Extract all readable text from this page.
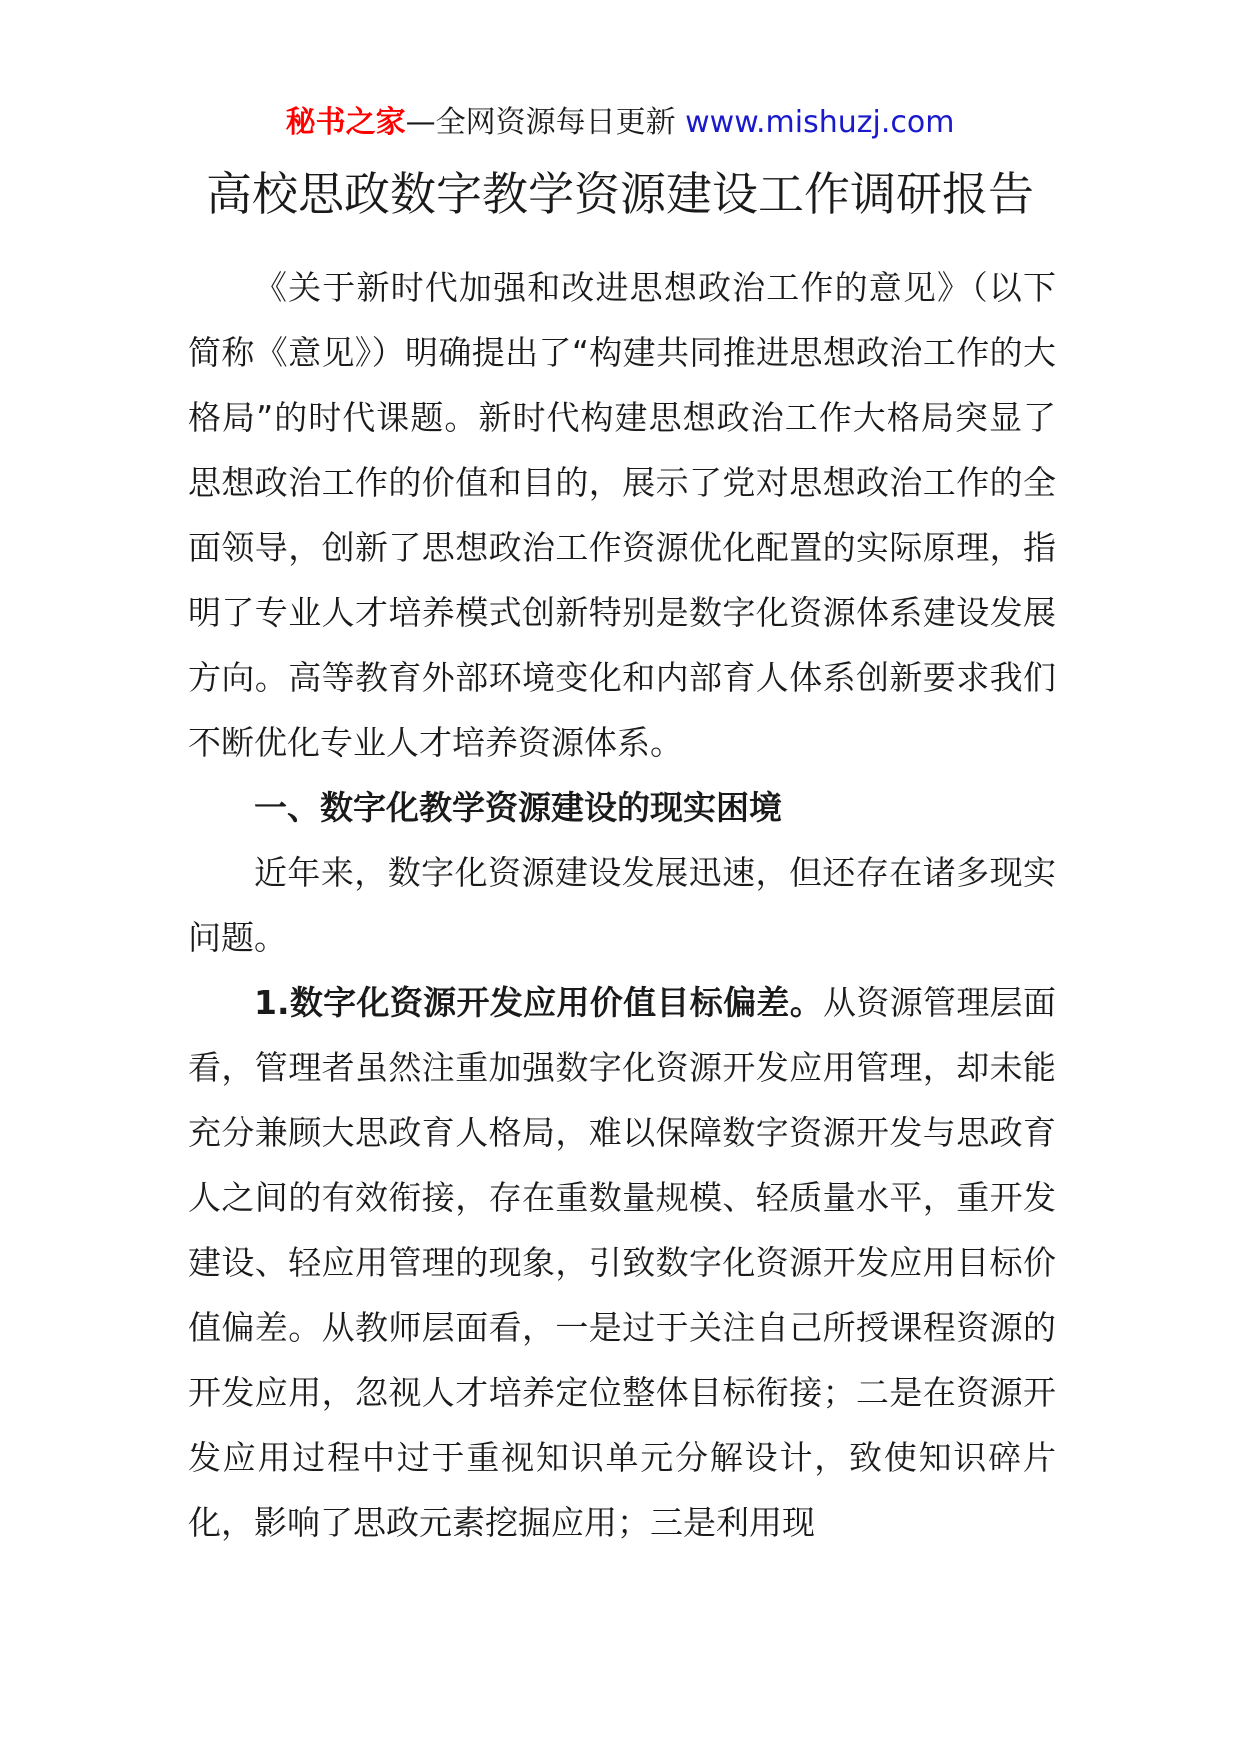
秘书之家—全网资源每日更新 www.mishuzj.com
高校思政数字教学资源建设工作调研报告

《关于新时代加强和改进思想政治工作的意见》（以下简称《意见》）明确提出了“构建共同推进思想政治工作的大格局”的时代课题。新时代构建思想政治工作大格局突显了思想政治工作的价值和目的，展示了党对思想政治工作的全面领导，创新了思想政治工作资源优化配置的实际原理，指明了专业人才培养模式创新特别是数字化资源体系建设发展方向。高等教育外部环境变化和内部育人体系创新要求我们不断优化专业人才培养资源体系。

一、数字化教学资源建设的现实困境

近年来，数字化资源建设发展迅速，但还存在诸多现实问题。

1.数字化资源开发应用价值目标偏差。从资源管理层面看，管理者虽然注重加强数字化资源开发应用管理，却未能充分兼顾大思政育人格局，难以保障数字资源开发与思政育人之间的有效衔接，存在重数量规模、轻质量水平，重开发建设、轻应用管理的现象，引致数字化资源开发应用目标价值偏差。从教师层面看，一是过于关注自己所授课程资源的开发应用，忽视人才培养定位整体目标衔接；二是在资源开发应用过程中过于重视知识单元分解设计，致使知识碎片化，影响了思政元素挖掘应用；三是利用现
